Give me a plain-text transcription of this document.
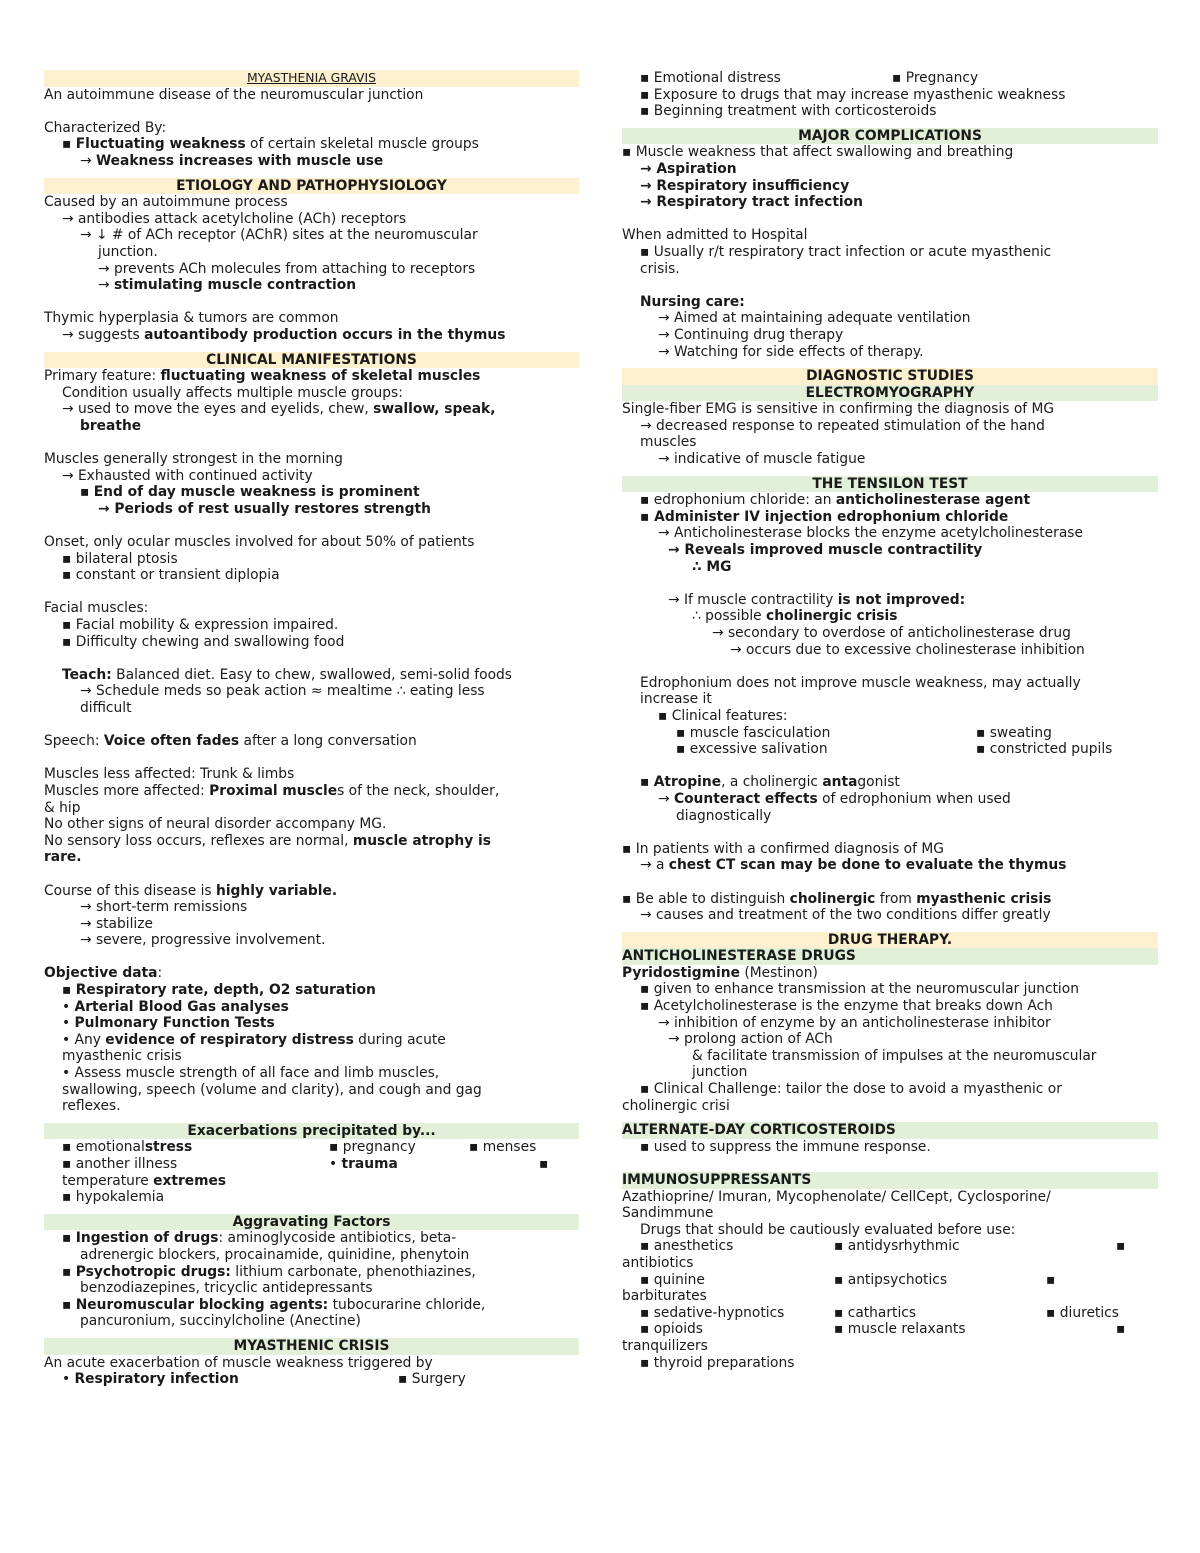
MYASTHENIA GRAVIS
An autoimmune disease of the neuromuscular junction
Characterized By:
▪ Fluctuating weakness of certain skeletal muscle groups
→ Weakness increases with muscle use
ETIOLOGY AND PATHOPHYSIOLOGY
Caused by an autoimmune process
→ antibodies attack acetylcholine (ACh) receptors
→ ↓ # of ACh receptor (AChR) sites at the neuromuscular
junction.
→ prevents ACh molecules from attaching to receptors
→ stimulating muscle contraction
Thymic hyperplasia & tumors are common
→ suggests autoantibody production occurs in the thymus
CLINICAL MANIFESTATIONS
Primary feature: fluctuating weakness of skeletal muscles
Condition usually affects multiple muscle groups:
→ used to move the eyes and eyelids, chew, swallow, speak,
breathe
Muscles generally strongest in the morning
→ Exhausted with continued activity
▪ End of day muscle weakness is prominent
→ Periods of rest usually restores strength
Onset, only ocular muscles involved for about 50% of patients
▪ bilateral ptosis
▪ constant or transient diplopia
Facial muscles:
▪ Facial mobility & expression impaired.
▪ Difficulty chewing and swallowing food
Teach: Balanced diet. Easy to chew, swallowed, semi-solid foods
→ Schedule meds so peak action ≈ mealtime ∴ eating less
difficult
Speech: Voice often fades after a long conversation
Muscles less affected: Trunk & limbs
Muscles more affected: Proximal muscles of the neck, shoulder,
& hip
No other signs of neural disorder accompany MG.
No sensory loss occurs, reflexes are normal, muscle atrophy is
rare.
Course of this disease is highly variable.
→ short-term remissions
→ stabilize
→ severe, progressive involvement.
Objective data:
▪ Respiratory rate, depth, O2 saturation
• Arterial Blood Gas analyses
• Pulmonary Function Tests
• Any evidence of respiratory distress during acute
myasthenic crisis
• Assess muscle strength of all face and limb muscles,
swallowing, speech (volume and clarity), and cough and gag
reflexes.
Exacerbations precipitated by...
▪ emotionalstress	▪ pregnancy	▪ menses
▪ another illness	• trauma	▪
temperature extremes
▪ hypokalemia
Aggravating Factors
▪ Ingestion of drugs: aminoglycoside antibiotics, beta-
adrenergic blockers, procainamide, quinidine, phenytoin
▪ Psychotropic drugs: lithium carbonate, phenothiazines,
benzodiazepines, tricyclic antidepressants
▪ Neuromuscular blocking agents: tubocurarine chloride,
pancuronium, succinylcholine (Anectine)
MYASTHENIC CRISIS
An acute exacerbation of muscle weakness triggered by
• Respiratory infection	▪ Surgery
▪ Emotional distress	▪ Pregnancy
▪ Exposure to drugs that may increase myasthenic weakness
▪ Beginning treatment with corticosteroids
MAJOR COMPLICATIONS
▪ Muscle weakness that affect swallowing and breathing
→ Aspiration
→ Respiratory insufficiency
→ Respiratory tract infection
When admitted to Hospital
▪ Usually r/t respiratory tract infection or acute myasthenic
crisis.
Nursing care:
→ Aimed at maintaining adequate ventilation
→ Continuing drug therapy
→ Watching for side effects of therapy.
DIAGNOSTIC STUDIES
ELECTROMYOGRAPHY
Single-fiber EMG is sensitive in confirming the diagnosis of MG
→ decreased response to repeated stimulation of the hand
muscles
→ indicative of muscle fatigue
THE TENSILON TEST
▪ edrophonium chloride: an anticholinesterase agent
▪ Administer IV injection edrophonium chloride
→ Anticholinesterase blocks the enzyme acetylcholinesterase
→ Reveals improved muscle contractility
∴ MG
→ If muscle contractility is not improved:
∴ possible cholinergic crisis
→ secondary to overdose of anticholinesterase drug
→ occurs due to excessive cholinesterase inhibition
Edrophonium does not improve muscle weakness, may actually
increase it
▪ Clinical features:
▪ muscle fasciculation	▪ sweating
▪ excessive salivation	▪ constricted pupils
▪ Atropine, a cholinergic antagonist
→ Counteract effects of edrophonium when used
diagnostically
▪ In patients with a confirmed diagnosis of MG
→ a chest CT scan may be done to evaluate the thymus
▪ Be able to distinguish cholinergic from myasthenic crisis
→ causes and treatment of the two conditions differ greatly
DRUG THERAPY.
ANTICHOLINESTERASE DRUGS
Pyridostigmine (Mestinon)
▪ given to enhance transmission at the neuromuscular junction
▪ Acetylcholinesterase is the enzyme that breaks down Ach
→ inhibition of enzyme by an anticholinesterase inhibitor
→ prolong action of ACh
& facilitate transmission of impulses at the neuromuscular
junction
▪ Clinical Challenge: tailor the dose to avoid a myasthenic or
cholinergic crisi
ALTERNATE-DAY CORTICOSTEROIDS
▪ used to suppress the immune response.
IMMUNOSUPPRESSANTS
Azathioprine/ Imuran, Mycophenolate/ CellCept, Cyclosporine/
Sandimmune
Drugs that should be cautiously evaluated before use:
▪ anesthetics	▪ antidysrhythmic	▪
antibiotics
▪ quinine	▪ antipsychotics	▪
barbiturates
▪ sedative-hypnotics	▪ cathartics	▪ diuretics
▪ opioids	▪ muscle relaxants	▪
tranquilizers
▪ thyroid preparations
